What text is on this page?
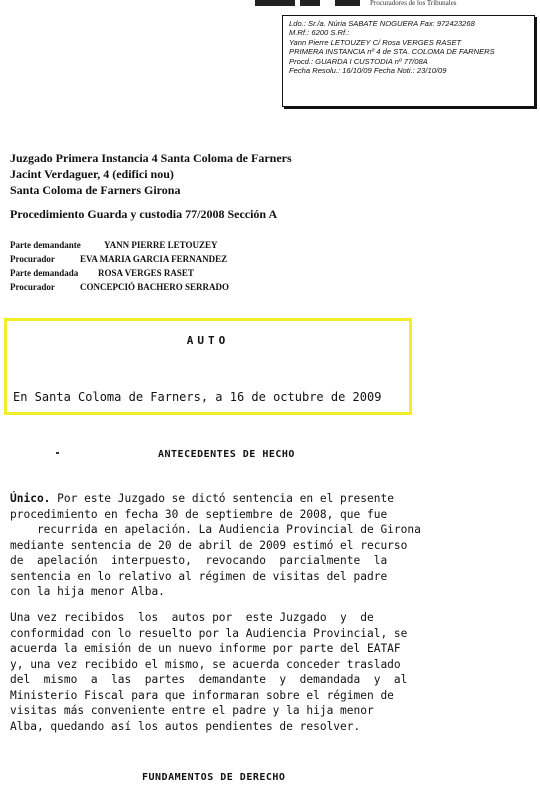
Procuradores de los Tribunales
Ldo.: Sr./a. Núria SABATE NOGUERA Fax: 972423268
M.Rf.: 6200 S.Rf.:
Yann Pierre LETOUZEY C/ Rosa VERGES RASET
PRIMERA INSTANCIA nº 4 de STA. COLOMA DE FARNERS
Procd.: GUARDA I CUSTODIA nº 77/08A
Fecha Resolu.: 16/10/09 Fecha Noti.: 23/10/09
Juzgado Primera Instancia 4 Santa Coloma de Farners
Jacint Verdaguer, 4 (edifici nou)
Santa Coloma de Farners Girona
Procedimiento Guarda y custodia 77/2008 Sección A
Parte demandante	YANN PIERRE LETOUZEY
Procurador	EVA MARIA GARCIA FERNANDEZ
Parte demandada ROSA VERGES RASET
Procurador	CONCEPCIÓ BACHERO SERRADO
AUTO
En Santa Coloma de Farners, a 16 de octubre de 2009
ANTECEDENTES DE HECHO
Único. Por este Juzgado se dictó sentencia en el presente
procedimiento en fecha 30 de septiembre de 2008, que fue
recurrida en apelación. La Audiencia Provincial de Girona
mediante sentencia de 20 de abril de 2009 estimó el recurso
de  apelación  interpuesto,  revocando  parcialmente  la
sentencia en lo relativo al régimen de visitas del padre
con la hija menor Alba.
Una vez recibidos  los  autos por  este Juzgado  y  de
conformidad con lo resuelto por la Audiencia Provincial, se
acuerda la emisión de un nuevo informe por parte del EATAF
y, una vez recibido el mismo, se acuerda conceder traslado
del  mismo  a  las  partes  demandante  y  demandada  y  al
Ministerio Fiscal para que informaran sobre el régimen de
visitas más conveniente entre el padre y la hija menor
Alba, quedando así los autos pendientes de resolver.
FUNDAMENTOS DE DERECHO
